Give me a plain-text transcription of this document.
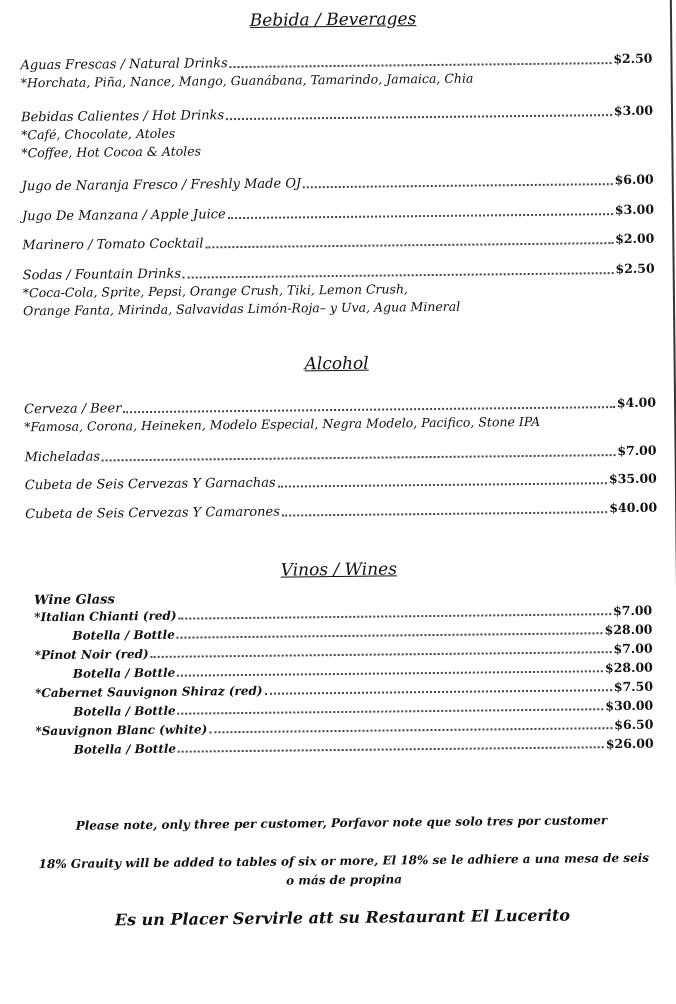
Bebida / Beverages
Aguas Frescas / Natural Drinks	$2.50
*Horchata, Piña, Nance, Mango, Guanábana, Tamarindo, Jamaica, Chia
Bebidas Calientes / Hot Drinks	$3.00
*Café, Chocolate, Atoles
*Coffee, Hot Cocoa & Atoles
Jugo de Naranja Fresco / Freshly Made OJ	$6.00
Jugo De Manzana / Apple Juice	$3.00
Marinero / Tomato Cocktail	$2.00
Sodas / Fountain Drinks	$2.50
*Coca-Cola, Sprite, Pepsi, Orange Crush, Tiki, Lemon Crush,
Orange Fanta, Mirinda, Salvavidas Limón-Roja– y Uva, Agua Mineral
Alcohol
Cerveza / Beer	$4.00
*Famosa, Corona, Heineken, Modelo Especial, Negra Modelo, Pacifico, Stone IPA
Micheladas	$7.00
Cubeta de Seis Cervezas Y Garnachas	$35.00
Cubeta de Seis Cervezas Y Camarones	$40.00
Vinos / Wines
Wine Glass
*Italian Chianti (red)	$7.00
Botella / Bottle	$28.00
*Pinot Noir (red)	$7.00
Botella / Bottle	$28.00
*Cabernet Sauvignon Shiraz (red)	$7.50
Botella / Bottle	$30.00
*Sauvignon Blanc (white)	$6.50
Botella / Bottle	$26.00
Please note, only three per customer, Porfavor note que solo tres por customer
18% Grauity will be added to tables of six or more, El 18% se le adhiere a una mesa de seis o más de propina
Es un Placer Servirle att su Restaurant El Lucerito
